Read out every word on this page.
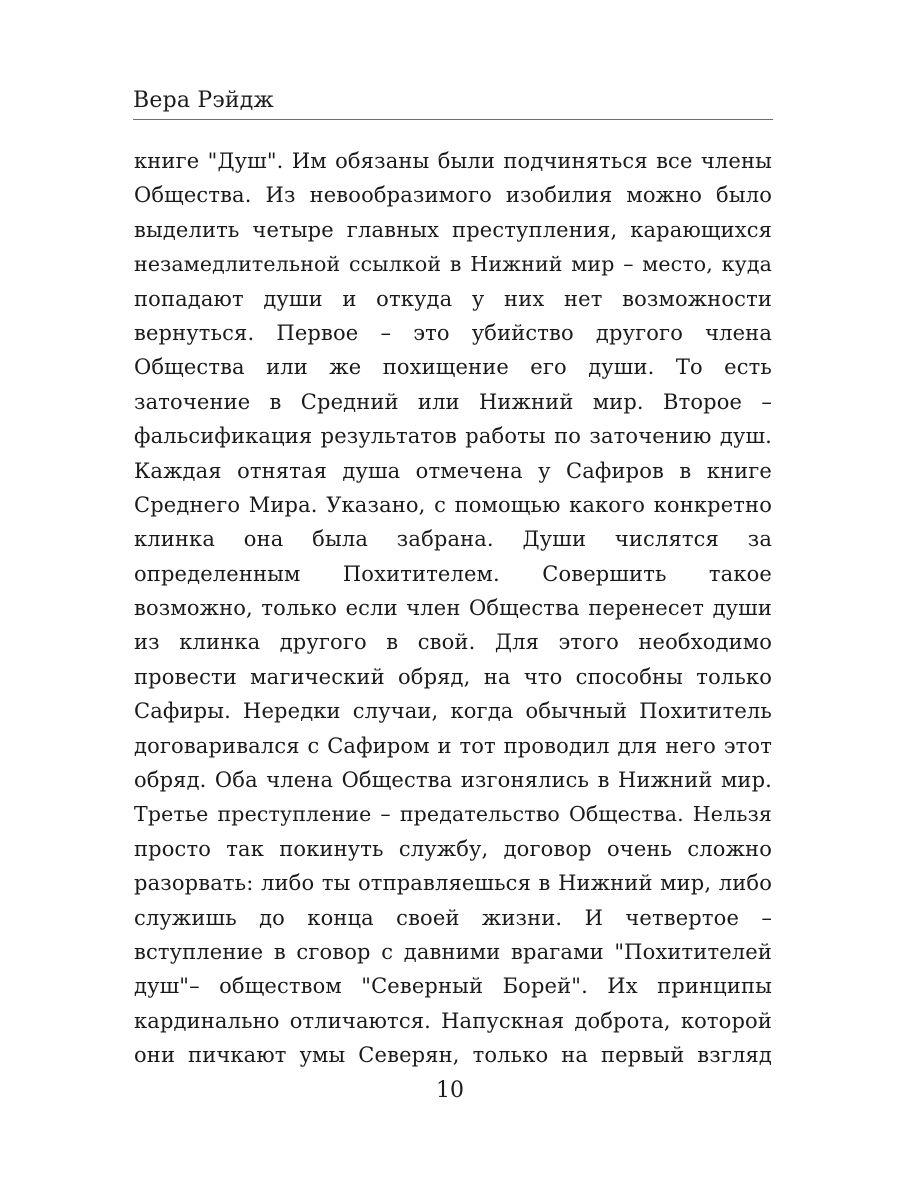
Вера Рэйдж
книге "Душ". Им обязаны были подчиняться все члены
Общества. Из невообразимого изобилия можно было
выделить четыре главных преступления, карающихся
незамедлительной ссылкой в Нижний мир – место, куда
попадают души и откуда у них нет возможности
вернуться. Первое – это убийство другого члена
Общества или же похищение его души. То есть
заточение в Средний или Нижний мир. Второе –
фальсификация результатов работы по заточению душ.
Каждая отнятая душа отмечена у Сафиров в книге
Среднего Мира. Указано, с помощью какого конкретно
клинка она была забрана. Души числятся за
определенным Похитителем. Совершить такое
возможно, только если член Общества перенесет души
из клинка другого в свой. Для этого необходимо
провести магический обряд, на что способны только
Сафиры. Нередки случаи, когда обычный Похититель
договаривался с Сафиром и тот проводил для него этот
обряд. Оба члена Общества изгонялись в Нижний мир.
Третье преступление – предательство Общества. Нельзя
просто так покинуть службу, договор очень сложно
разорвать: либо ты отправляешься в Нижний мир, либо
служишь до конца своей жизни. И четвертое –
вступление в сговор с давними врагами "Похитителей
душ"– обществом "Северный Борей". Их принципы
кардинально отличаются. Напускная доброта, которой
они пичкают умы Северян, только на первый взгляд
10
